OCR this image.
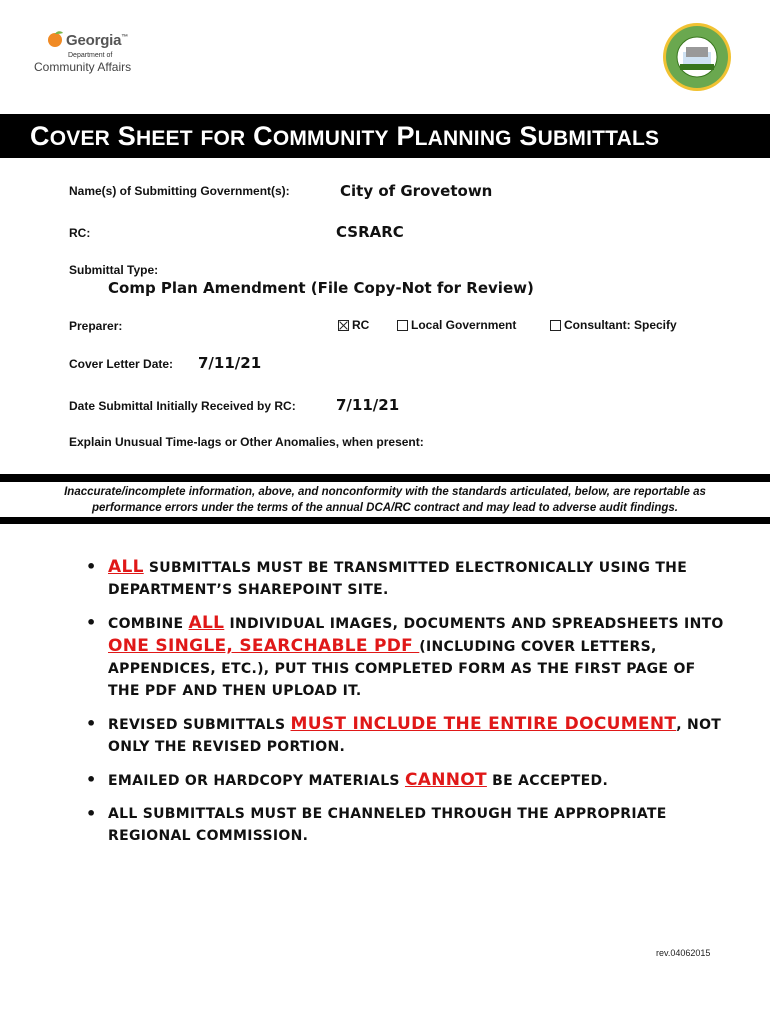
Georgia™
Department of
Community Affairs
COVER SHEET FOR COMMUNITY PLANNING SUBMITTALS
Name(s) of Submitting Government(s):	City of Grovetown
RC:	CSRARC
Submittal Type:
Comp Plan Amendment (File Copy-Not for Review)
Preparer:	RC	Local Government	Consultant: Specify
Cover Letter Date: 7/11/21
Date Submittal Initially Received by RC:	7/11/21
Explain Unusual Time-lags or Other Anomalies, when present:
Inaccurate/incomplete information, above, and nonconformity with the standards articulated, below, are reportable as
performance errors under the terms of the annual DCA/RC contract and may lead to adverse audit findings.
• ALL SUBMITTALS MUST BE TRANSMITTED ELECTRONICALLY USING THE DEPARTMENT’S SHAREPOINT SITE.
• COMBINE ALL INDIVIDUAL IMAGES, DOCUMENTS AND SPREADSHEETS INTO ONE SINGLE, SEARCHABLE PDF (INCLUDING COVER LETTERS, APPENDICES, ETC.), PUT THIS COMPLETED FORM AS THE FIRST PAGE OF THE PDF AND THEN UPLOAD IT.
• REVISED SUBMITTALS MUST INCLUDE THE ENTIRE DOCUMENT, NOT ONLY THE REVISED PORTION.
• EMAILED OR HARDCOPY MATERIALS CANNOT BE ACCEPTED.
• ALL SUBMITTALS MUST BE CHANNELED THROUGH THE APPROPRIATE REGIONAL COMMISSION.
rev.04062015
